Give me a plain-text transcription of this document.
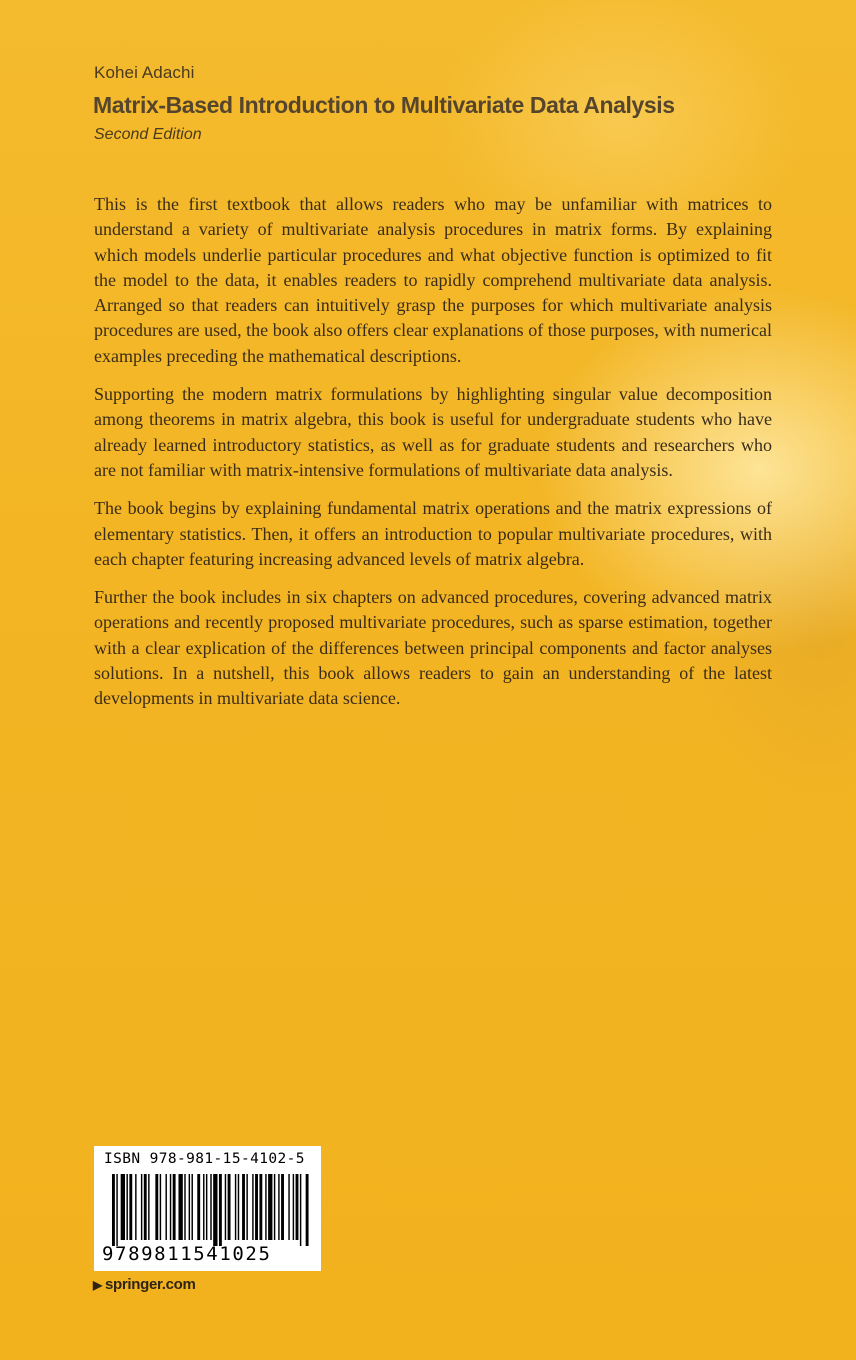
Kohei Adachi
Matrix-Based Introduction to Multivariate Data Analysis
Second Edition

This is the first textbook that allows readers who may be unfamiliar with matrices to understand a variety of multivariate analysis procedures in matrix forms. By explaining which models underlie particular procedures and what objective function is optimized to fit the model to the data, it enables readers to rapidly comprehend multivariate data analysis. Arranged so that readers can intuitively grasp the purposes for which multivariate analysis procedures are used, the book also offers clear explanations of those purposes, with numerical examples preceding the mathematical descriptions.

Supporting the modern matrix formulations by highlighting singular value decomposition among theorems in matrix algebra, this book is useful for undergraduate students who have already learned introductory statistics, as well as for graduate students and researchers who are not familiar with matrix-intensive formulations of multivariate data analysis.

The book begins by explaining fundamental matrix operations and the matrix expressions of elementary statistics. Then, it offers an introduction to popular multivariate procedures, with each chapter featuring increasing advanced levels of matrix algebra.

Further the book includes in six chapters on advanced procedures, covering advanced matrix operations and recently proposed multivariate procedures, such as sparse estimation, together with a clear explication of the differences between principal components and factor analyses solutions. In a nutshell, this book allows readers to gain an understanding of the latest developments in multivariate data science.

ISBN 978-981-15-4102-5
9789811541025
▶ springer.com
